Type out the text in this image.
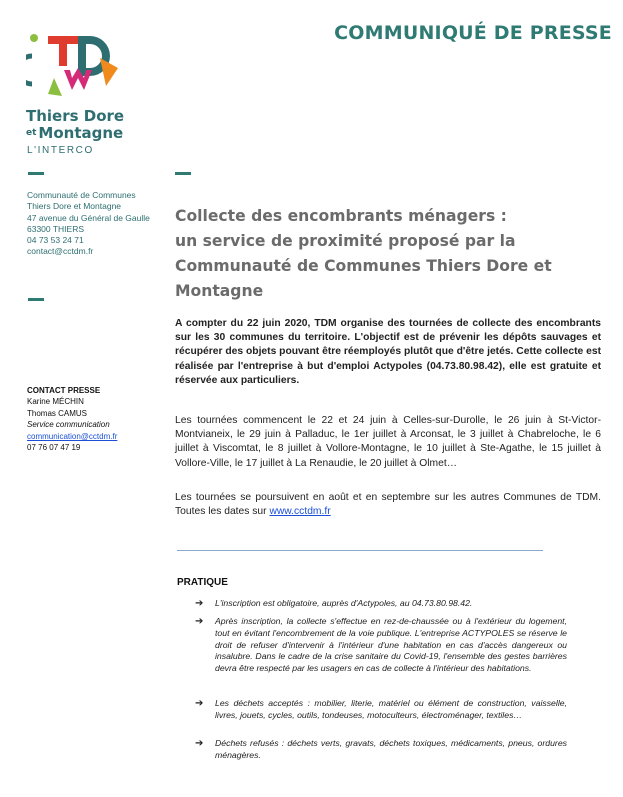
COMMUNIQUÉ DE PRESSE
Thiers Dore
et Montagne
L'INTERCO
Communauté de Communes
Thiers Dore et Montagne
47 avenue du Général de Gaulle
63300 THIERS
04 73 53 24 71
contact@cctdm.fr
CONTACT PRESSE
Karine MÉCHIN
Thomas CAMUS
Service communication
communication@cctdm.fr
07 76 07 47 19
Collecte des encombrants ménagers :
un service de proximité proposé par la
Communauté de Communes Thiers Dore et
Montagne
A compter du 22 juin 2020, TDM organise des tournées de collecte des encombrants sur les 30 communes du territoire. L'objectif est de prévenir les dépôts sauvages et récupérer des objets pouvant être réemployés plutôt que d'être jetés. Cette collecte est réalisée par l'entreprise à but d'emploi Actypoles (04.73.80.98.42), elle est gratuite et réservée aux particuliers.
Les tournées commencent le 22 et 24 juin à Celles-sur-Durolle, le 26 juin à St-Victor-Montvianeix, le 29 juin à Palladuc, le 1er juillet à Arconsat, le 3 juillet à Chabreloche, le 6 juillet à Viscomtat, le 8 juillet à Vollore-Montagne, le 10 juillet à Ste-Agathe, le 15 juillet à Vollore-Ville, le 17 juillet à La Renaudie, le 20 juillet à Olmet…
Les tournées se poursuivent en août et en septembre sur les autres Communes de TDM. Toutes les dates sur www.cctdm.fr
PRATIQUE
➔	L'inscription est obligatoire, auprès d'Actypoles, au 04.73.80.98.42.
➔	Après inscription, la collecte s'effectue en rez-de-chaussée ou à l'extérieur du logement, tout en évitant l'encombrement de la voie publique. L'entreprise ACTYPOLES se réserve le droit de refuser d'intervenir à l'intérieur d'une habitation en cas d'accès dangereux ou insalubre. Dans le cadre de la crise sanitaire du Covid-19, l'ensemble des gestes barrières devra être respecté par les usagers en cas de collecte à l'intérieur des habitations.
➔	Les déchets acceptés : mobilier, literie, matériel ou élément de construction, vaisselle, livres, jouets, cycles, outils, tondeuses, motoculteurs, électroménager, textiles…
➔	Déchets refusés : déchets verts, gravats, déchets toxiques, médicaments, pneus, ordures ménagères.
